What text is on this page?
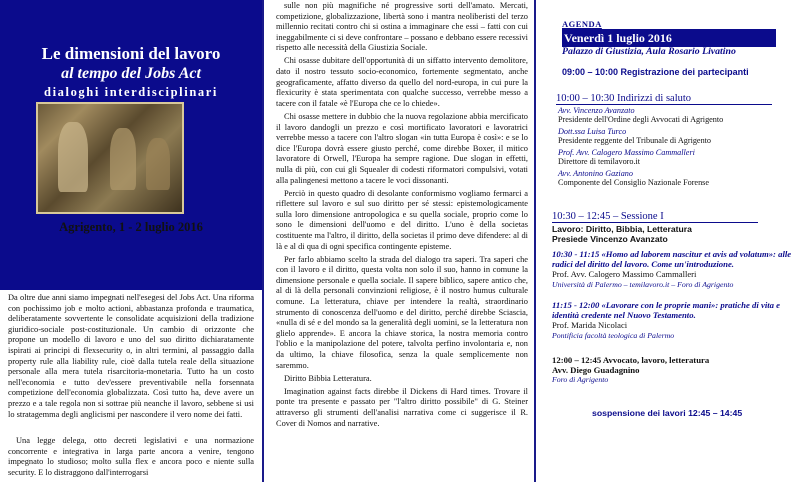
Le dimensioni del lavoro
al tempo del Jobs Act
dialoghi interdisciplinari
Agrigento, 1 - 2 luglio 2016

Da oltre due anni siamo impegnati nell'esegesi del Jobs Act. Una riforma con pochissimo job e molto actioni, abbastanza profonda e traumatica, deliberatamente sovvertente le consolidate acquisizioni della tradizione giuridico-sociale post-costituzionale. Un cambio di orizzonte che propone un modello di lavoro e uno del suo diritto dichiaratamente ispirati ai principi di flexsecurity o, in altri termini, al passaggio dalla property rule alla liability rule, cioè dalla tutela reale della situazione personale alla mera tutela risarcitoria-monetaria. Tutto ha un costo nell'economia e tutto dev'essere preventivabile nella forsennata competizione dell'economia globalizzata. Così tutto ha, deve avere un prezzo e a tale regola non si sottrae più neanche il lavoro, sebbene si usi lo stratagemma degli anglicismi per nascondere il vero nome dei fatti.

Una legge delega, otto decreti legislativi e una normazione concorrente e integrativa in larga parte ancora a venire, tengono impegnato lo studioso; molto sulla flex e ancora poco e niente sulla security. E lo distraggono dall'interrogarsi

sulle non più magnifiche né progressive sorti dell'amato. Mercati, competizione, globalizzazione, libertà sono i mantra neoliberisti del terzo millennio recitati contro chi si ostina a immaginare che essi – fatti con cui ineggabilmente ci si deve confrontare – possano e debbano essere recessivi rispetto alle necessità della Giustizia Sociale.

Chi osasse dubitare dell'opportunità di un siffatto intervento demolitore, dato il nostro tessuto socio-economico, fortemente segmentato, anche geograficamente, affatto diverso da quello del nord-europa, in cui pure la flexicurity è stata sperimentata con qualche successo, verrebbe messo a tacere con il fatale «è l'Europa che ce lo chiede».

Chi osasse mettere in dubbio che la nuova regolazione abbia mercificato il lavoro dandogli un prezzo e così mortificato lavoratori e lavoratrici verrebbe messo a tacere con l'altro slogan «in tutta Europa è così»: e se lo dice l'Europa dovrà essere giusto perché, come direbbe Boxer, il mitico lavoratore di Orwell, l'Europa ha sempre ragione. Due slogan in effetti, nulla di più, con cui gli Squealer di codesti riformatori compulsivi, votati alla palingenesi mettono a tacere le voci dissonanti.

Perciò in questo quadro di desolante conformismo vogliamo fermarci a riflettere sul lavoro e sul suo diritto per sé stessi: epistemologicamente sulla loro dimensione antropologica e su quella sociale, proprio come lo sono le dimensioni dell'uomo e del diritto. L'uno è della societas costituente ma l'altro, il diritto, della societas il primo deve difendere: al di là e al di qua di ogni specifica contingente episteme.

Per farlo abbiamo scelto la strada del dialogo tra saperi. Tra saperi che con il lavoro e il diritto, questa volta non solo il suo, hanno in comune la dimensione personale e quella sociale. Il sapere biblico, sapere antico che, al di là della personali convinzioni religiose, è il nostro humus culturale comune. La letteratura, chiave per intendere la realtà, straordinario strumento di conoscenza dell'uomo e del diritto, perché direbbe Sciascia, «nulla di sé e del mondo sa la generalità degli uomini, se la letteratura non glielo apprende». E ancora la chiave storica, la nostra memoria contro l'oblio e la manipolazione del potere, talvolta perfino involontaria e, non da ultimo, la chiave filosofica, senza la quale semplicemente non saremmo.

Diritto Bibbia Letteratura.

Imagination against facts direbbe il Dickens di Hard times. Trovare il ponte tra presente e passato per "l'altro diritto possibile" di G. Steiner attraverso gli strumenti dell'analisi narrativa come ci suggerisce il R. Cover di Nomos and narrative.

AGENDA
Venerdì 1 luglio 2016
Palazzo di Giustizia, Aula Rosario Livatino
09:00 – 10:00 Registrazione dei partecipanti
10:00 – 10:30 Indirizzi di saluto
Avv. Vincenzo Avanzato
Presidente dell'Ordine degli Avvocati di Agrigento
Dott.ssa Luisa Turco
Presidente reggente del Tribunale di Agrigento
Prof. Avv. Calogero Massimo Cammalleri
Direttore di temilavoro.it
Avv. Antonino Gaziano
Componente del Consiglio Nazionale Forense
10:30 – 12:45 – Sessione I
Lavoro: Diritto, Bibbia, Letteratura
Presiede Vincenzo Avanzato
10:30 - 11:15 «Homo ad laborem nascitur et avis ad volatum»: alle radici del diritto del lavoro. Come un'introduzione.
Prof. Avv. Calogero Massimo Cammalleri
Università di Palermo – temilavoro.it – Foro di Agrigento
11:15 - 12:00 «Lavorare con le proprie mani»: pratiche di vita e identità credente nel Nuovo Testamento.
Prof. Marida Nicolaci
Pontificia facoltà teologica di Palermo
12:00 – 12:45 Avvocato, lavoro, letteratura
Avv. Diego Guadagnino
Foro di Agrigento
sospensione dei lavori 12:45 – 14:45
